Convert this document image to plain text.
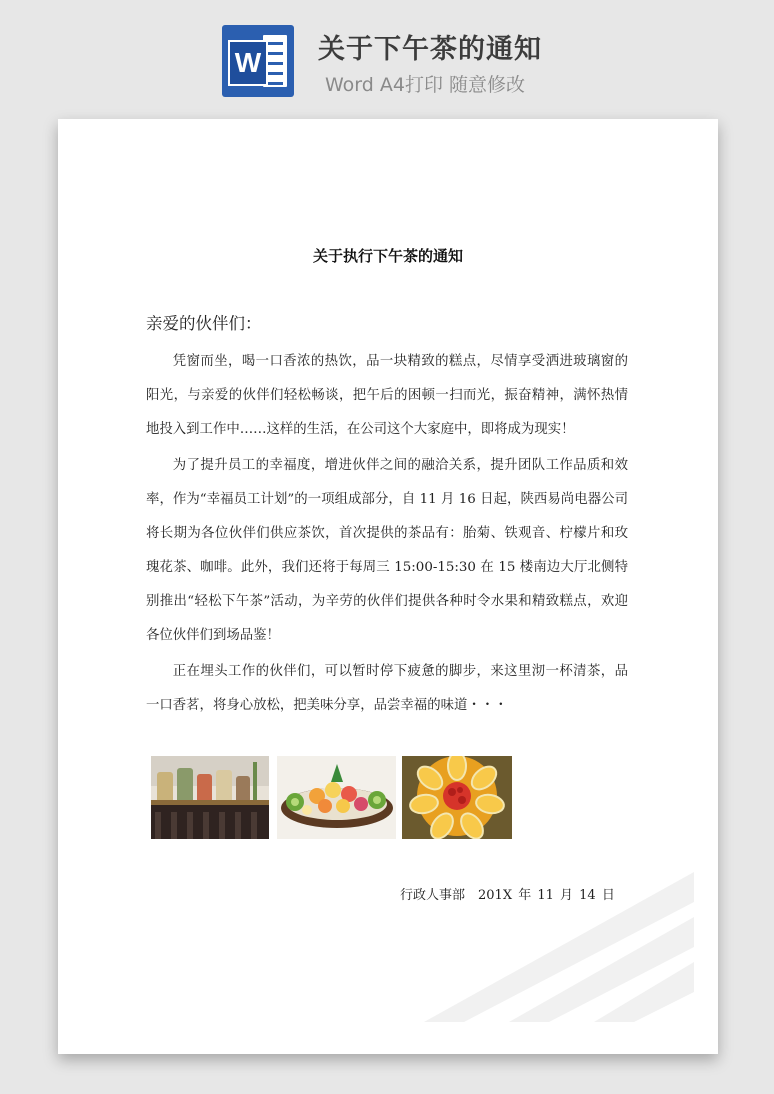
W 关于下午茶的通知
Word A4打印 随意修改
关于执行下午茶的通知
亲爱的伙伴们：

凭窗而坐，喝一口香浓的热饮，品一块精致的糕点，尽情享受洒进玻璃窗的阳光，与亲爱的伙伴们轻松畅谈，把午后的困顿一扫而光，振奋精神，满怀热情地投入到工作中……这样的生活，在公司这个大家庭中，即将成为现实！

为了提升员工的幸福度，增进伙伴之间的融洽关系，提升团队工作品质和效率，作为“幸福员工计划”的一项组成部分，自 11 月 16 日起，陕西易尚电器公司将长期为各位伙伴们供应茶饮，首次提供的茶品有：胎菊、铁观音、柠檬片和玫瑰花茶、咖啡。此外，我们还将于每周三 15:00-15:30 在 15 楼南边大厅北侧特别推出“轻松下午茶”活动，为辛劳的伙伴们提供各种时令水果和精致糕点，欢迎各位伙伴们到场品鉴！

正在埋头工作的伙伴们，可以暂时停下疲惫的脚步，来这里沏一杯清茶，品一口香茗，将身心放松，把美味分享，品尝幸福的味道・・・

行政人事部　201X 年 11 月 14 日
